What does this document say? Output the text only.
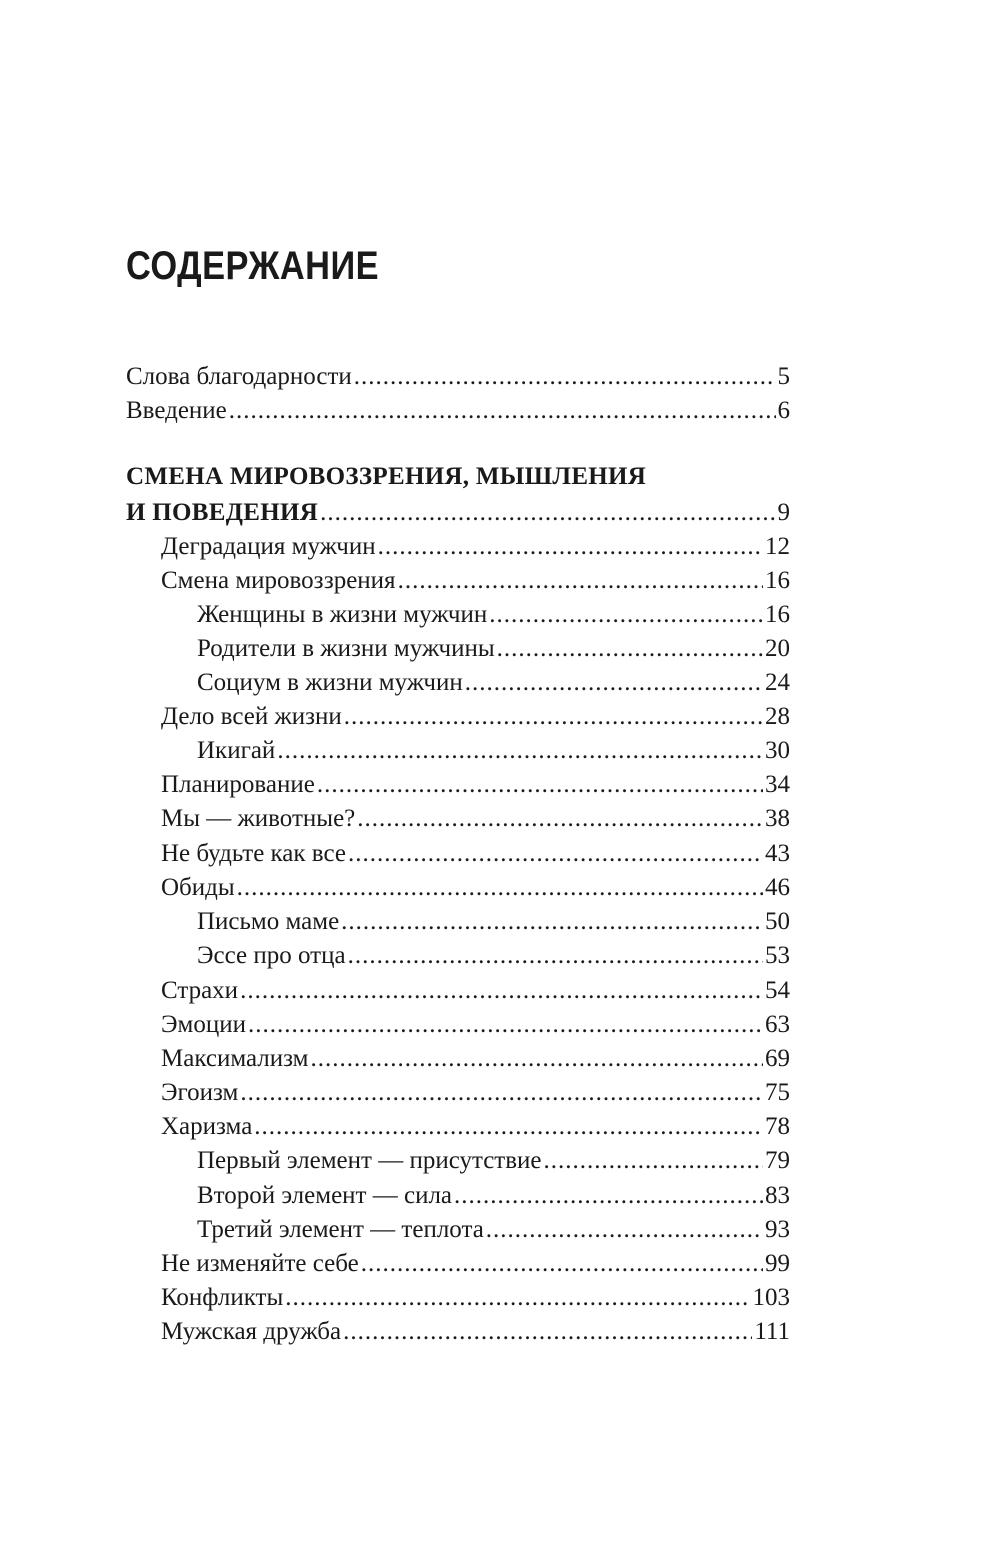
СОДЕРЖАНИЕ
Слова благодарности .....	5
Введение .....	6
СМЕНА МИРОВОЗЗРЕНИЯ, МЫШЛЕНИЯ
И ПОВЕДЕНИЯ .....	9
Деградация мужчин .....	12
Смена мировоззрения .....	16
Женщины в жизни мужчин .....	16
Родители в жизни мужчины .....	20
Социум в жизни мужчин .....	24
Дело всей жизни .....	28
Икигай .....	30
Планирование .....	34
Мы — животные? .....	38
Не будьте как все .....	43
Обиды .....	46
Письмо маме .....	50
Эссе про отца .....	53
Страхи .....	54
Эмоции .....	63
Максимализм .....	69
Эгоизм .....	75
Харизма .....	78
Первый элемент — присутствие .....	79
Второй элемент — сила .....	83
Третий элемент — теплота .....	93
Не изменяйте себе .....	99
Конфликты .....	103
Мужская дружба .....	111
